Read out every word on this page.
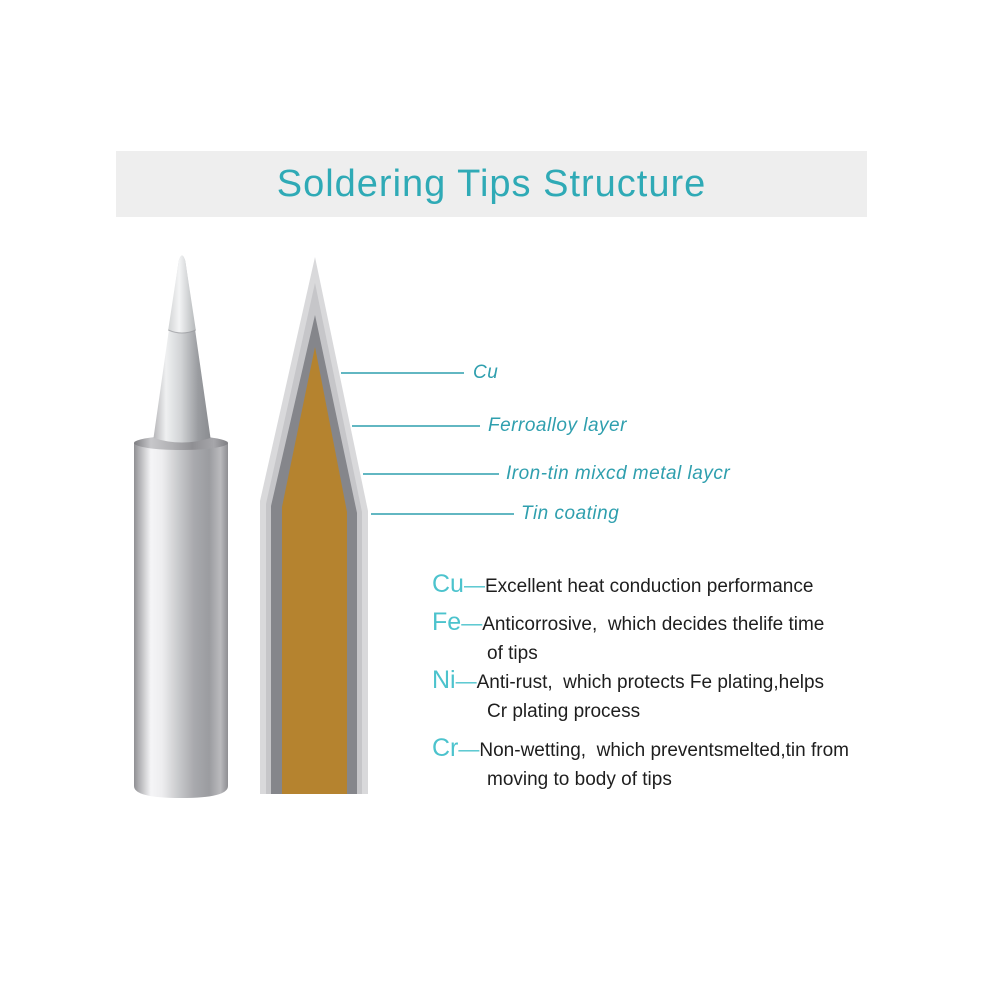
Soldering Tips Structure
Cu
Ferroalloy layer
Iron-tin mixcd metal laycr
Tin coating
Cu — Excellent heat conduction performance
Fe — Anticorrosive,  which decides thelife time
of tips
Ni — Anti-rust,  which protects Fe plating,helps
Cr plating process
Cr — Non-wetting,  which preventsmelted,tin from
moving to body of tips
